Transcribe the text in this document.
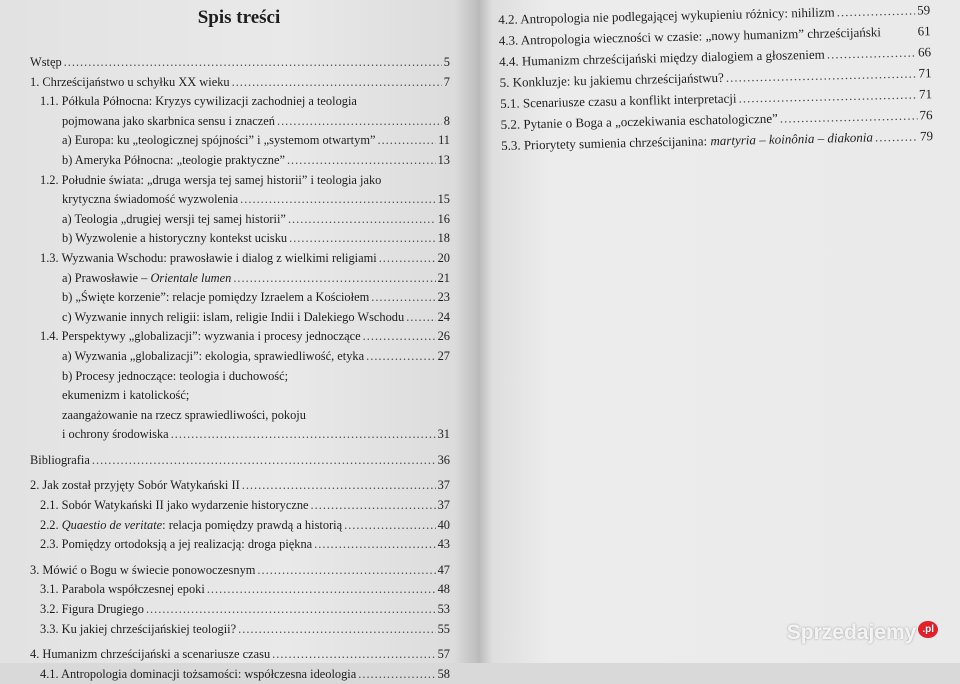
Spis treści
Wstęp .....	5
1. Chrześcijaństwo u schyłku XX wieku .....	7
1.1. Półkula Północna: Kryzys cywilizacji zachodniej a teologia
pojmowana jako skarbnica sensu i znaczeń .....	8
a) Europa: ku „teologicznej spójności” i „systemom otwartym” .....	11
b) Ameryka Północna: „teologie praktyczne” .....	13
1.2. Południe świata: „druga wersja tej samej historii” i teologia jako
krytyczna świadomość wyzwolenia .....	15
a) Teologia „drugiej wersji tej samej historii” .....	16
b) Wyzwolenie a historyczny kontekst ucisku .....	18
1.3. Wyzwania Wschodu: prawosławie i dialog z wielkimi religiami .....	20
a) Prawosławie – Orientale lumen .....	21
b) „Święte korzenie”: relacje pomiędzy Izraelem a Kościołem .....	23
c) Wyzwanie innych religii: islam, religie Indii i Dalekiego Wschodu .....	24
1.4. Perspektywy „globalizacji”: wyzwania i procesy jednoczące .....	26
a) Wyzwania „globalizacji”: ekologia, sprawiedliwość, etyka .....	27
b) Procesy jednoczące: teologia i duchowość;
ekumenizm i katolickość;
zaangażowanie na rzecz sprawiedliwości, pokoju
i ochrony środowiska .....	31
Bibliografia .....	36
2. Jak został przyjęty Sobór Watykański II .....	37
2.1. Sobór Watykański II jako wydarzenie historyczne .....	37
2.2. Quaestio de veritate: relacja pomiędzy prawdą a historią .....	40
2.3. Pomiędzy ortodoksją a jej realizacją: droga piękna .....	43
3. Mówić o Bogu w świecie ponowoczesnym .....	47
3.1. Parabola współczesnej epoki .....	48
3.2. Figura Drugiego .....	53
3.3. Ku jakiej chrześcijańskiej teologii? .....	55
4. Humanizm chrześcijański a scenariusze czasu .....	57
4.1. Antropologia dominacji tożsamości: współczesna ideologia .....	58
4.2. Antropologia nie podlegającej wykupieniu różnicy: nihilizm .....	59
4.3. Antropologia wieczności w czasie: „nowy humanizm” chrześcijański	61
4.4. Humanizm chrześcijański między dialogiem a głoszeniem .....	66
5. Konkluzje: ku jakiemu chrześcijaństwu? .....	71
5.1. Scenariusze czasu a konflikt interpretacji .....	71
5.2. Pytanie o Boga a „oczekiwania eschatologiczne” .....	76
5.3. Priorytety sumienia chrześcijanina: martyria – koinônia – diakonia .....	79
Sprzedajemy .pl
